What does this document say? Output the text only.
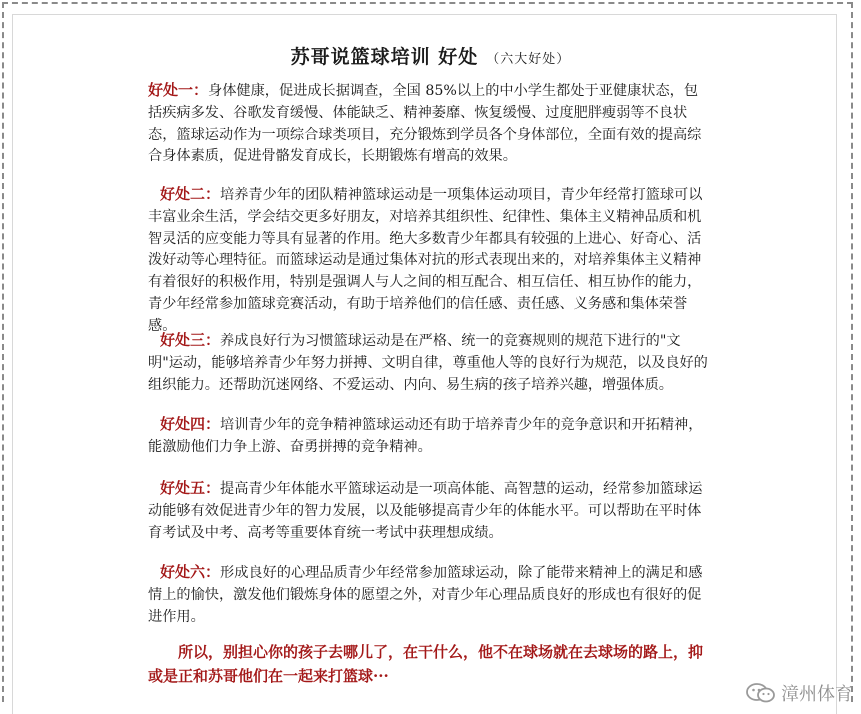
苏哥说篮球培训 好处 （六大好处）

好处一：身体健康，促进成长据调查，全国 85%以上的中小学生都处于亚健康状态，包括疾病多发、谷歌发育缓慢、体能缺乏、精神萎靡、恢复缓慢、过度肥胖瘦弱等不良状态，篮球运动作为一项综合球类项目，充分锻炼到学员各个身体部位，全面有效的提高综合身体素质，促进骨骼发育成长，长期锻炼有增高的效果。

好处二：培养青少年的团队精神篮球运动是一项集体运动项目，青少年经常打篮球可以丰富业余生活，学会结交更多好朋友，对培养其组织性、纪律性、集体主义精神品质和机智灵活的应变能力等具有显著的作用。绝大多数青少年都具有较强的上进心、好奇心、活泼好动等心理特征。而篮球运动是通过集体对抗的形式表现出来的，对培养集体主义精神有着很好的积极作用，特别是强调人与人之间的相互配合、相互信任、相互协作的能力，青少年经常参加篮球竞赛活动，有助于培养他们的信任感、责任感、义务感和集体荣誉感。

好处三：养成良好行为习惯篮球运动是在严格、统一的竞赛规则的规范下进行的"文明"运动，能够培养青少年努力拼搏、文明自律，尊重他人等的良好行为规范，以及良好的组织能力。还帮助沉迷网络、不爱运动、内向、易生病的孩子培养兴趣，增强体质。

好处四：培训青少年的竞争精神篮球运动还有助于培养青少年的竞争意识和开拓精神，能激励他们力争上游、奋勇拼搏的竞争精神。

好处五：提高青少年体能水平篮球运动是一项高体能、高智慧的运动，经常参加篮球运动能够有效促进青少年的智力发展，以及能够提高青少年的体能水平。可以帮助在平时体育考试及中考、高考等重要体育统一考试中获理想成绩。

好处六：形成良好的心理品质青少年经常参加篮球运动，除了能带来精神上的满足和感情上的愉快，激发他们锻炼身体的愿望之外，对青少年心理品质良好的形成也有很好的促进作用。

所以，别担心你的孩子去哪儿了，在干什么，他不在球场就在去球场的路上，抑或是正和苏哥他们在一起来打篮球···

漳州体育
